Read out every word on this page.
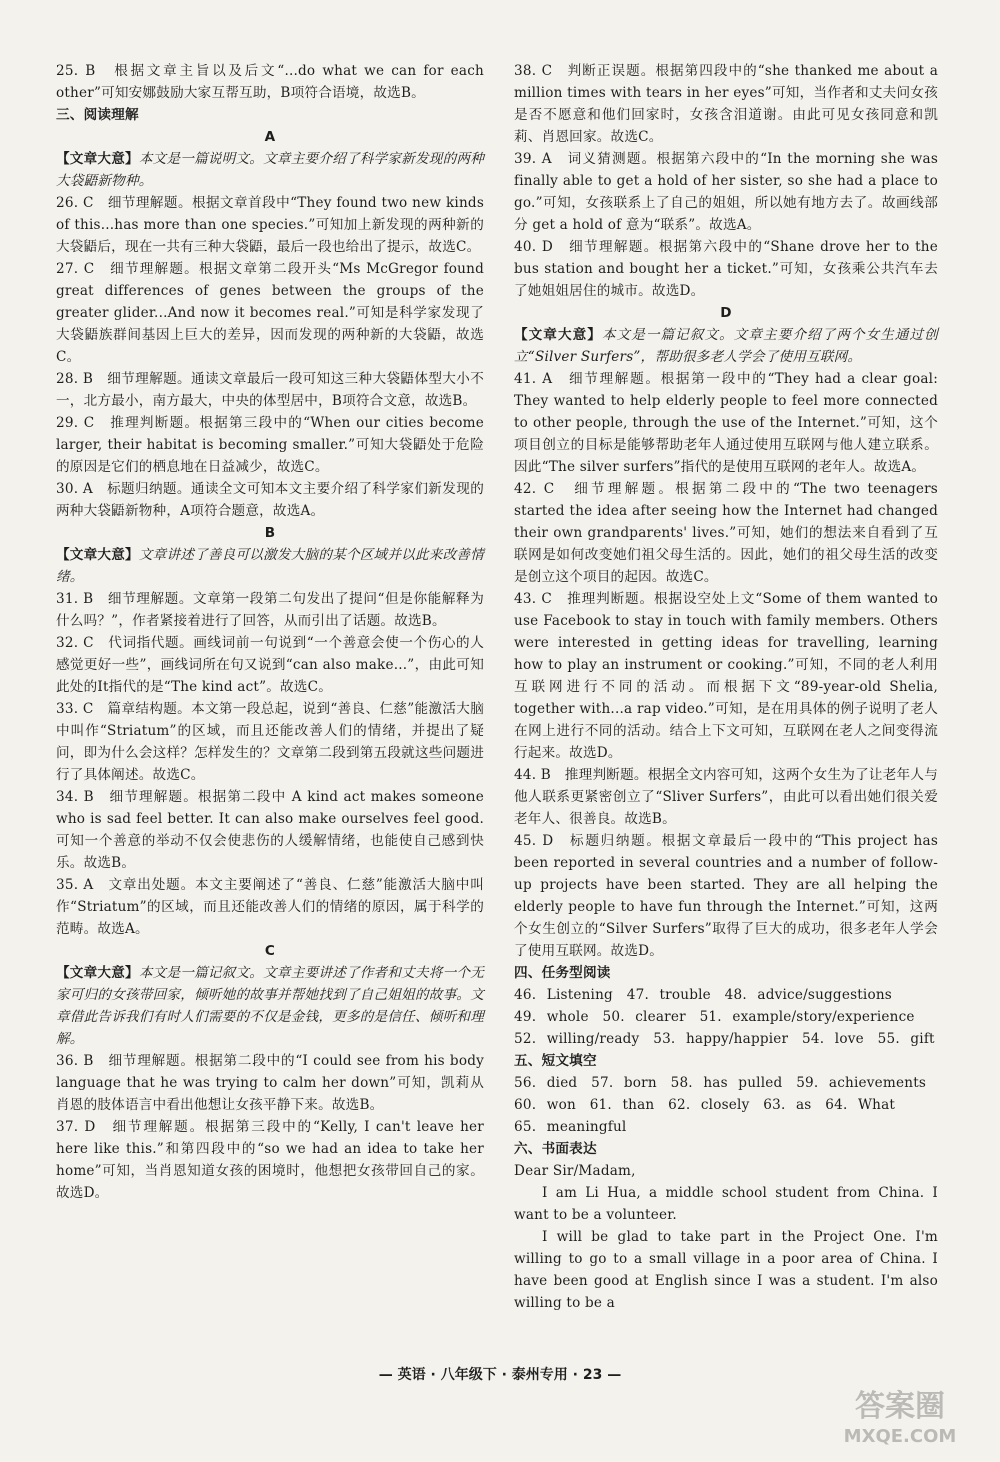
25. B　根据文章主旨以及后文“...do what we can for each other”可知安娜鼓励大家互帮互助，B项符合语境，故选B。

三、阅读理解

A

【文章大意】本文是一篇说明文。文章主要介绍了科学家新发现的两种大袋鼯新物种。

26. C　细节理解题。根据文章首段中“They found two new kinds of this...has more than one species.”可知加上新发现的两种新的大袋鼯后，现在一共有三种大袋鼯，最后一段也给出了提示，故选C。

27. C　细节理解题。根据文章第二段开头“Ms McGregor found great differences of genes between the groups of the greater glider...And now it becomes real.”可知是科学家发现了大袋鼯族群间基因上巨大的差异，因而发现的两种新的大袋鼯，故选C。

28. B　细节理解题。通读文章最后一段可知这三种大袋鼯体型大小不一，北方最小，南方最大，中央的体型居中，B项符合文意，故选B。

29. C　推理判断题。根据第三段中的“When our cities become larger, their habitat is becoming smaller.”可知大袋鼯处于危险的原因是它们的栖息地在日益减少，故选C。

30. A　标题归纳题。通读全文可知本文主要介绍了科学家们新发现的两种大袋鼯新物种，A项符合题意，故选A。

B

【文章大意】文章讲述了善良可以激发大脑的某个区域并以此来改善情绪。

31. B　细节理解题。文章第一段第二句发出了提问“但是你能解释为什么吗？”，作者紧接着进行了回答，从而引出了话题。故选B。

32. C　代词指代题。画线词前一句说到“一个善意会使一个伤心的人感觉更好一些”，画线词所在句又说到“can also make...”，由此可知此处的It指代的是“The kind act”。故选C。

33. C　篇章结构题。本文第一段总起，说到“善良、仁慈”能激活大脑中叫作“Striatum”的区域，而且还能改善人们的情绪，并提出了疑问，即为什么会这样？怎样发生的？文章第二段到第五段就这些问题进行了具体阐述。故选C。

34. B　细节理解题。根据第二段中 A kind act makes someone who is sad feel better. It can also make ourselves feel good.可知一个善意的举动不仅会使悲伤的人缓解情绪，也能使自己感到快乐。故选B。

35. A　文章出处题。本文主要阐述了“善良、仁慈”能激活大脑中叫作“Striatum”的区域，而且还能改善人们的情绪的原因，属于科学的范畴。故选A。

C

【文章大意】本文是一篇记叙文。文章主要讲述了作者和丈夫将一个无家可归的女孩带回家，倾听她的故事并帮她找到了自己姐姐的故事。文章借此告诉我们有时人们需要的不仅是金钱，更多的是信任、倾听和理解。

36. B　细节理解题。根据第二段中的“I could see from his body language that he was trying to calm her down”可知，凯莉从肖恩的肢体语言中看出他想让女孩平静下来。故选B。

37. D　细节理解题。根据第三段中的“Kelly, I can't leave her here like this.”和第四段中的“so we had an idea to take her home”可知，当肖恩知道女孩的困境时，他想把女孩带回自己的家。故选D。

38. C　判断正误题。根据第四段中的“she thanked me about a million times with tears in her eyes”可知，当作者和丈夫问女孩是否不愿意和他们回家时，女孩含泪道谢。由此可见女孩同意和凯莉、肖恩回家。故选C。

39. A　词义猜测题。根据第六段中的“In the morning she was finally able to get a hold of her sister, so she had a place to go.”可知，女孩联系上了自己的姐姐，所以她有地方去了。故画线部分 get a hold of 意为“联系”。故选A。

40. D　细节理解题。根据第六段中的“Shane drove her to the bus station and bought her a ticket.”可知，女孩乘公共汽车去了她姐姐居住的城市。故选D。

D

【文章大意】本文是一篇记叙文。文章主要介绍了两个女生通过创立“Silver Surfers”，帮助很多老人学会了使用互联网。

41. A　细节理解题。根据第一段中的“They had a clear goal: They wanted to help elderly people to feel more connected to other people, through the use of the Internet.”可知，这个项目创立的目标是能够帮助老年人通过使用互联网与他人建立联系。因此“The silver surfers”指代的是使用互联网的老年人。故选A。

42. C　细节理解题。根据第二段中的“The two teenagers started the idea after seeing how the Internet had changed their own grandparents' lives.”可知，她们的想法来自看到了互联网是如何改变她们祖父母生活的。因此，她们的祖父母生活的改变是创立这个项目的起因。故选C。

43. C　推理判断题。根据设空处上文“Some of them wanted to use Facebook to stay in touch with family members. Others were interested in getting ideas for travelling, learning how to play an instrument or cooking.”可知，不同的老人利用互联网进行不同的活动。而根据下文“89-year-old Shelia, together with...a rap video.”可知，是在用具体的例子说明了老人在网上进行不同的活动。结合上下文可知，互联网在老人之间变得流行起来。故选D。

44. B　推理判断题。根据全文内容可知，这两个女生为了让老年人与他人联系更紧密创立了“Sliver Surfers”，由此可以看出她们很关爱老年人、很善良。故选B。

45. D　标题归纳题。根据文章最后一段中的“This project has been reported in several countries and a number of follow-up projects have been started. They are all helping the elderly people to have fun through the Internet.”可知，这两个女生创立的“Silver Surfers”取得了巨大的成功，很多老年人学会了使用互联网。故选D。

四、任务型阅读

46. Listening　47. trouble　48. advice/suggestions

49. whole　50. clearer　51. example/story/experience

52. willing/ready　53. happy/happier　54. love　55. gift

五、短文填空

56. died　57. born　58. has pulled　59. achievements

60. won　61. than　62. closely　63. as　64. What

65. meaningful

六、书面表达

Dear Sir/Madam,

I am Li Hua, a middle school student from China. I want to be a volunteer.

I will be glad to take part in the Project One. I'm willing to go to a small village in a poor area of China. I have been good at English since I was a student. I'm also willing to be a

— 英语 · 八年级下 · 泰州专用 · 23 —
答案圈
MXQE.COM
